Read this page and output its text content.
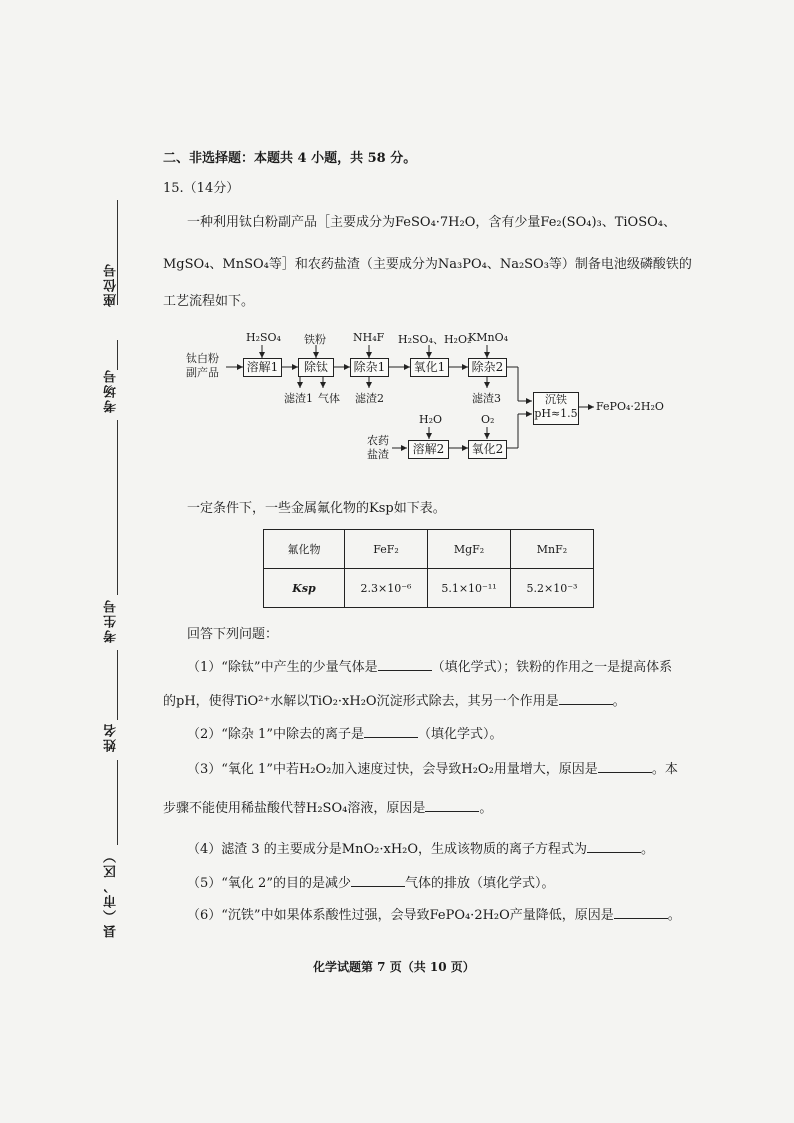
座位号
考场号
考生号
姓名
县（市、区）
二、非选择题：本题共 4 小题，共 58 分。
15.（14分）
一种利用钛白粉副产品［主要成分为FeSO₄·7H₂O，含有少量Fe₂(SO₄)₃、TiOSO₄、
MgSO₄、MnSO₄等］和农药盐渣（主要成分为Na₃PO₄、Na₂SO₃等）制备电池级磷酸铁的
工艺流程如下。
钛白粉
副产品
H₂SO₄ 铁粉 NH₄F H₂SO₄、H₂O₂
KMnO₄
溶解1	除钛	除杂1	氧化1	除杂2
滤渣1 气体 滤渣2	滤渣3	沉铁
pH≈1.5
FePO₄·2H₂O
农药
盐渣
H₂O	O₂
溶解2	氧化2
一定条件下，一些金属氟化物的Ksp如下表。
氟化物	FeF₂	MgF₂	MnF₂
Ksp	2.3×10⁻⁶	5.1×10⁻¹¹	5.2×10⁻³
回答下列问题：
（1）“除钛”中产生的少量气体是	（填化学式）；铁粉的作用之一是提高体系
的pH，使得TiO²⁺水解以TiO₂·xH₂O沉淀形式除去，其另一个作用是	。
（2）“除杂 1”中除去的离子是	（填化学式）。
（3）“氧化 1”中若H₂O₂加入速度过快，会导致H₂O₂用量增大，原因是	。本
步骤不能使用稀盐酸代替H₂SO₄溶液，原因是	。
（4）滤渣 3 的主要成分是MnO₂·xH₂O，生成该物质的离子方程式为	。
（5）“氧化 2”的目的是减少	气体的排放（填化学式）。
（6）“沉铁”中如果体系酸性过强，会导致FePO₄·2H₂O产量降低，原因是	。
化学试题第 7 页（共 10 页）
